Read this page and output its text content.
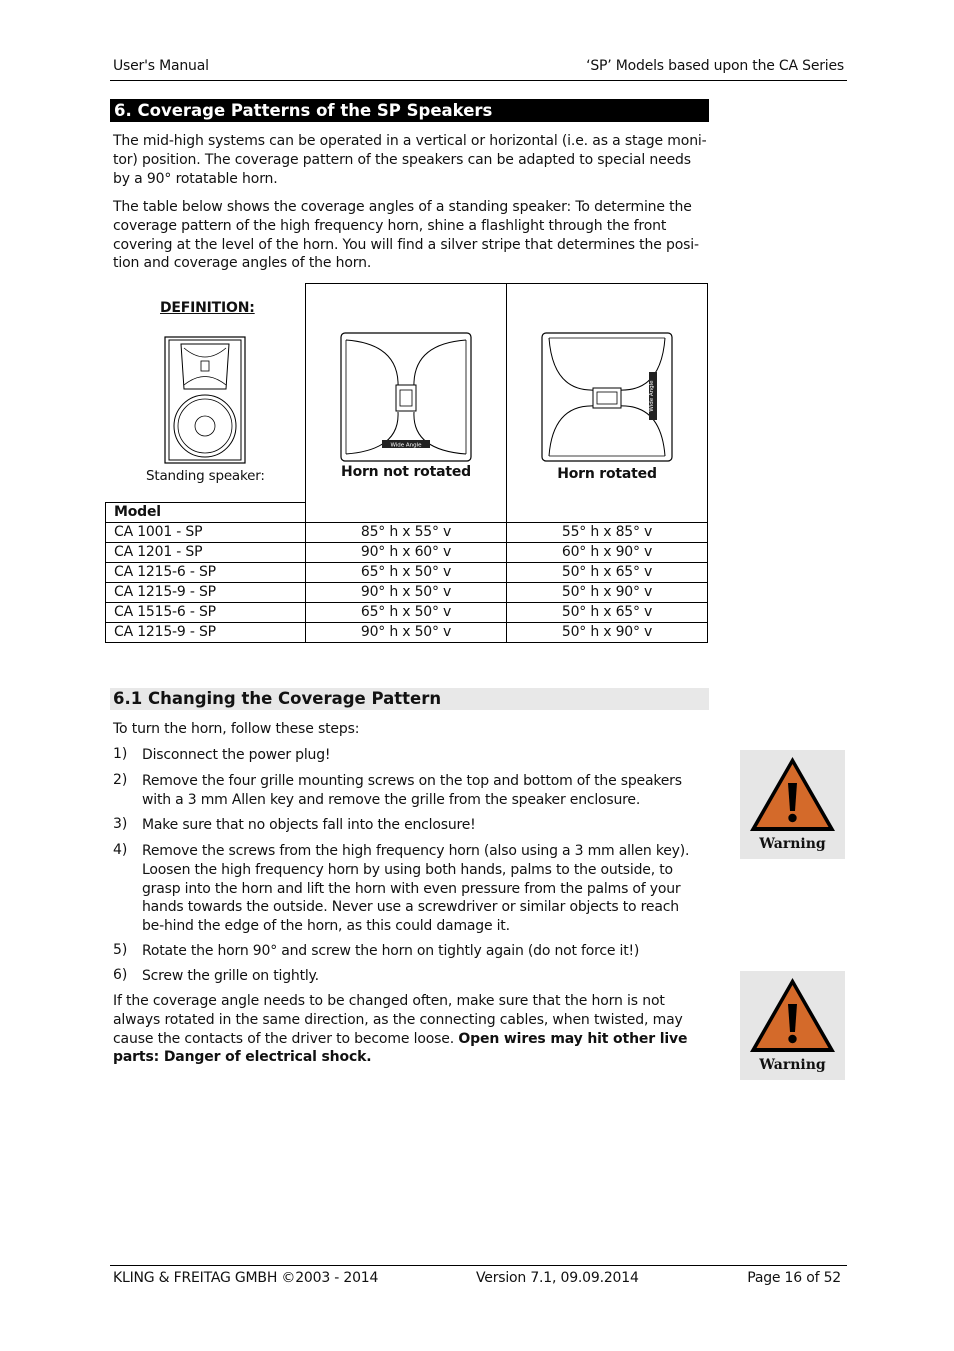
User's Manual	‘SP’ Models based upon the CA Series
6. Coverage Patterns of the SP Speakers
The mid-high systems can be operated in a vertical or horizontal (i.e. as a stage moni-tor) position. The coverage pattern of the speakers can be adapted to special needs by a 90° rotatable horn.
The table below shows the coverage angles of a standing speaker: To determine the coverage pattern of the high frequency horn, shine a flashlight through the front covering at the level of the horn. You will find a silver stripe that determines the posi-tion and coverage angles of the horn.
DEFINITION:
Standing speaker:
Wide Angle
Horn not rotated
Wide Angle
Horn rotated
Model
CA 1001 - SP	85° h x 55° v	55° h x 85° v
CA 1201 - SP	90° h x 60° v	60° h x 90° v
CA 1215-6 - SP	65° h x 50° v	50° h x 65° v
CA 1215-9 - SP	90° h x 50° v	50° h x 90° v
CA 1515-6 - SP	65° h x 50° v	50° h x 65° v
CA 1215-9 - SP	90° h x 50° v	50° h x 90° v
6.1 Changing the Coverage Pattern
To turn the horn, follow these steps:
1) Disconnect the power plug!
2) Remove the four grille mounting screws on the top and bottom of the speakers with a 3 mm Allen key and remove the grille from the speaker enclosure.
3) Make sure that no objects fall into the enclosure!
4) Remove the screws from the high frequency horn (also using a 3 mm allen key). Loosen the high frequency horn by using both hands, palms to the outside, to grasp into the horn and lift the horn with even pressure from the palms of your hands towards the outside. Never use a screwdriver or similar objects to reach be-hind the edge of the horn, as this could damage it.
5) Rotate the horn 90° and screw the horn on tightly again (do not force it!)
6) Screw the grille on tightly.
If the coverage angle needs to be changed often, make sure that the horn is not always rotated in the same direction, as the connecting cables, when twisted, may cause the contacts of the driver to become loose. Open wires may hit other live parts: Danger of electrical shock.
Warning
Warning
KLING & FREITAG GMBH ©2003 - 2014	Version 7.1, 09.09.2014	Page 16 of 52
